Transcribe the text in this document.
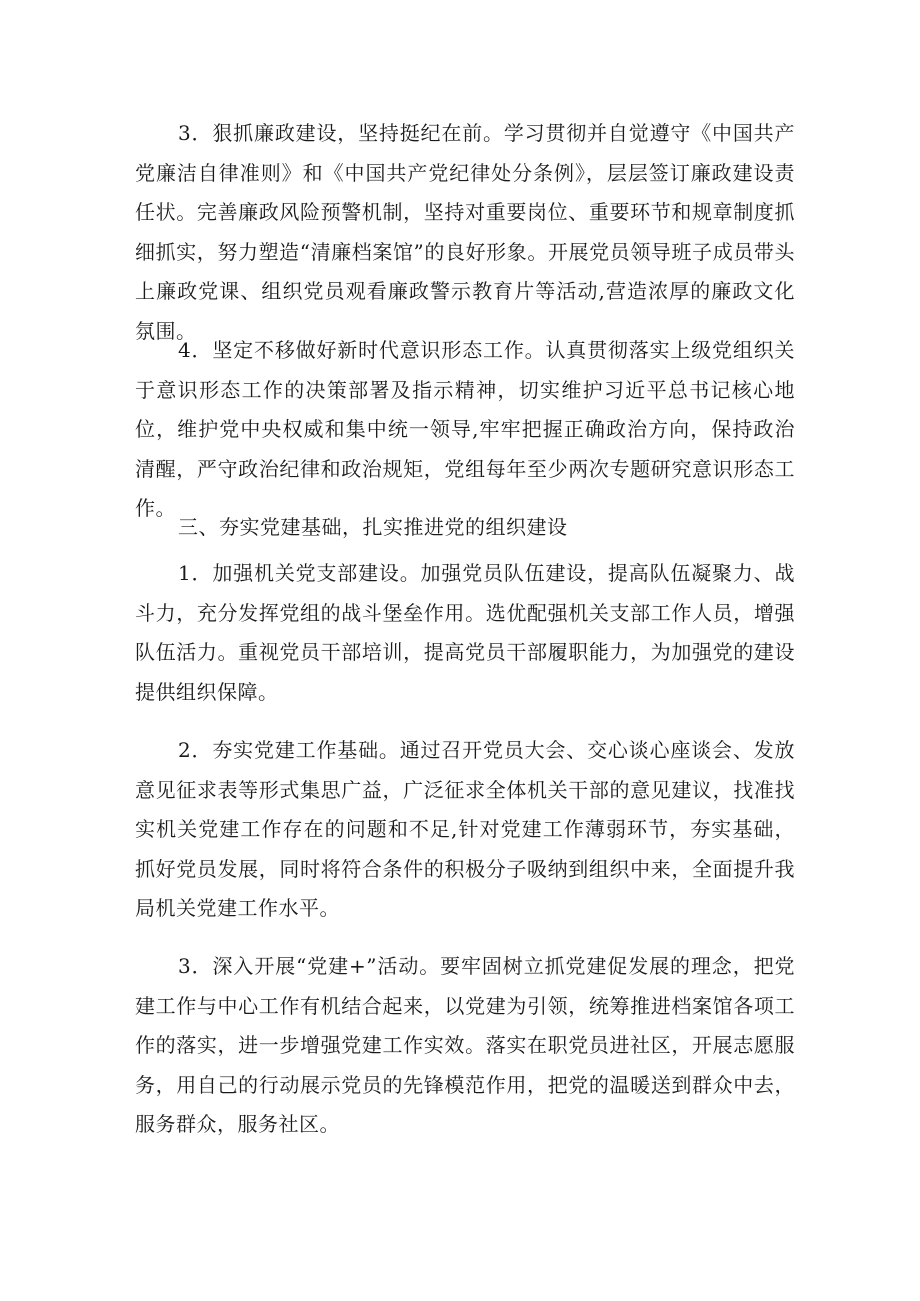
3．狠抓廉政建设，坚持挺纪在前。学习贯彻并自觉遵守《中国共产党廉洁自律准则》和《中国共产党纪律处分条例》，层层签订廉政建设责任状。完善廉政风险预警机制，坚持对重要岗位、重要环节和规章制度抓细抓实，努力塑造“清廉档案馆”的良好形象。开展党员领导班子成员带头上廉政党课、组织党员观看廉政警示教育片等活动,营造浓厚的廉政文化氛围。

4．坚定不移做好新时代意识形态工作。认真贯彻落实上级党组织关于意识形态工作的决策部署及指示精神，切实维护习近平总书记核心地位，维护党中央权威和集中统一领导,牢牢把握正确政治方向，保持政治清醒，严守政治纪律和政治规矩，党组每年至少两次专题研究意识形态工作。

三、夯实党建基础，扎实推进党的组织建设

1．加强机关党支部建设。加强党员队伍建设，提高队伍凝聚力、战斗力，充分发挥党组的战斗堡垒作用。选优配强机关支部工作人员，增强队伍活力。重视党员干部培训，提高党员干部履职能力，为加强党的建设提供组织保障。

2．夯实党建工作基础。通过召开党员大会、交心谈心座谈会、发放意见征求表等形式集思广益，广泛征求全体机关干部的意见建议，找准找实机关党建工作存在的问题和不足,针对党建工作薄弱环节，夯实基础，抓好党员发展，同时将符合条件的积极分子吸纳到组织中来，全面提升我局机关党建工作水平。

3．深入开展“党建+”活动。要牢固树立抓党建促发展的理念，把党建工作与中心工作有机结合起来，以党建为引领，统筹推进档案馆各项工作的落实，进一步增强党建工作实效。落实在职党员进社区，开展志愿服务，用自己的行动展示党员的先锋模范作用，把党的温暖送到群众中去，服务群众，服务社区。
